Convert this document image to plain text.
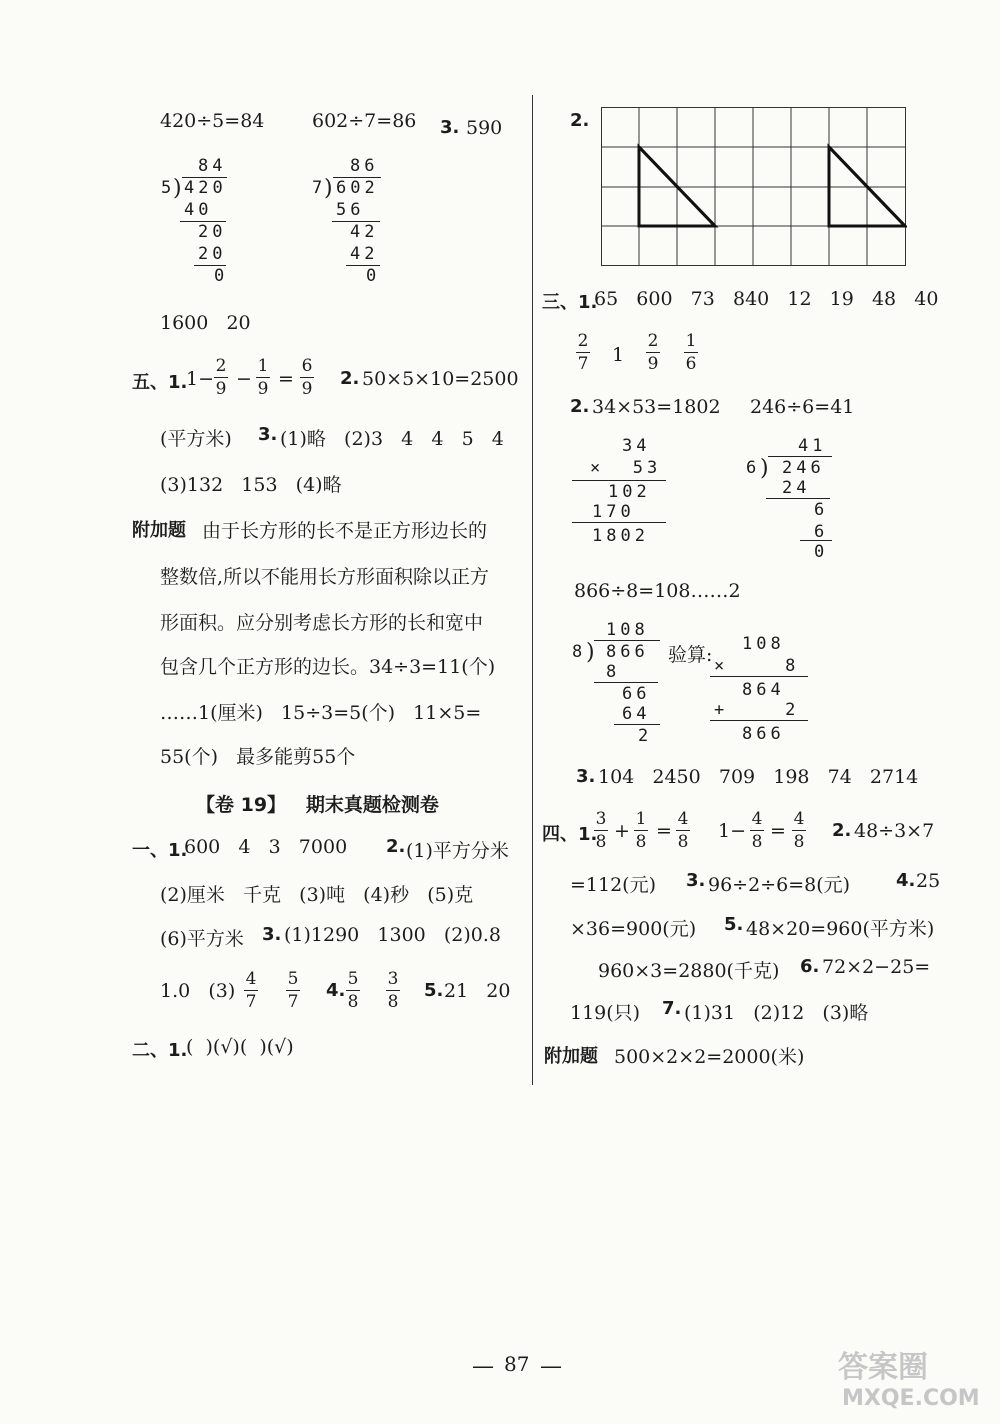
420÷5=84	602÷7=86 3. 590
84
5
) 420
40
20
20
0
86
7
) 602
56
42
42
0
1600   20
五、1.
1−
2
9 −
1
9 =
6
9 2. 50×5×10=2500
(平方米) 3. (1)略   (2)3   4   4   5   4
(3)132   153   (4)略
附加题 由于长方形的长不是正方形边长的
整数倍,所以不能用长方形面积除以正方
形面积。应分别考虑长方形的长和宽中
包含几个正方形的边长。34÷3=11(个)
……1(厘米)   15÷3=5(个)   11×5=
55(个)   最多能剪55个
【卷 19】   期末真题检测卷
一、1.
600   4   3   7000 2. (1)平方分米
(2)厘米   千克   (3)吨   (4)秒   (5)克
(6)平方米 3. (1)1290   1300   (2)0.8
1.0   (3)
4
7
5
7
4.
5
8
3
8
5. 21   20
二、1.
(  )(√)(  )(√)
2.
三、1.
65   600   73   840   12   19   48   40
2
7 1
2
9
1
6
2. 34×53=1802 246÷6=41
34
×  53
102
170
1802
41
6 ) 246
24
6
6
0
866÷8=108……2
108
8 ) 866
8
66
64
2
验算: 108
×    8
864
+    2
866
3. 104   2450   709   198   74   2714
四、1.
3
8 +
1
8 =
4
8 1−
4
8 =
4
8
2. 48÷3×7
=112(元) 3. 96÷2÷6=8(元)	4. 25
×36=900(元) 5. 48×20=960(平方米)
960×3=2880(千克) 6. 72×2−25=
119(只) 7. (1)31   (2)12   (3)略
附加题 500×2×2=2000(米)
— 87 —	答案圈
MXQE.COM
